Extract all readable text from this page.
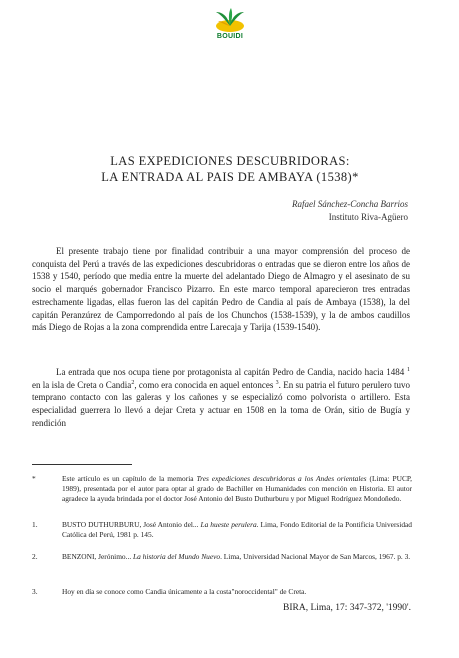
BOUIDI
LAS EXPEDICIONES DESCUBRIDORAS:
LA ENTRADA AL PAIS DE AMBAYA (1538)*
Rafael Sánchez-Concha Barrios
Instituto Riva-Agüero
El presente trabajo tiene por finalidad contribuir a una mayor comprensión del proceso de conquista del Perú a través de las expediciones descubridoras o entradas que se dieron entre los años de 1538 y 1540, período que media entre la muerte del adelantado Diego de Almagro y el asesinato de su socio el marqués gobernador Francisco Pizarro. En este marco temporal aparecieron tres entradas estrechamente ligadas, ellas fueron las del capitán Pedro de Candia al país de Ambaya (1538), la del capitán Peranzúrez de Camporredondo al país de los Chunchos (1538-1539), y la de ambos caudillos más Diego de Rojas a la zona comprendida entre Larecaja y Tarija (1539-1540).
La entrada que nos ocupa tiene por protagonista al capitán Pedro de Candia, nacido hacia 1484 $^1$ en la isla de Creta o Candia$^2$, como era conocida en aquel entonces $^3$. En su patria el futuro perulero tuvo temprano contacto con las galeras y los cañones y se especializó como polvorista o artillero. Esta especialidad guerrera lo llevó a dejar Creta y actuar en 1508 en la toma de Orán, sitio de Bugía y rendición
*	Este artículo es un capítulo de la memoria Tres expediciones descubridoras a los Andes orientales (Lima: PUCP, 1989), presentada por el autor para optar al grado de Bachiller en Humanidades con mención en Historia. El autor agradece la ayuda brindada por el doctor José Antonio del Busto Duthurburu y por Miguel Rodríguez Mondoñedo.
1.	BUSTO DUTHURBURU, José Antonio del... La hueste perulera. Lima, Fondo Editorial de la Pontificia Universidad Católica del Perú, 1981 p. 145.
2.	BENZONI, Jerónimo... La historia del Mundo Nuevo. Lima, Universidad Nacional Mayor de San Marcos, 1967. p. 3.
3.	Hoy en día se conoce como Candia únicamente a la costa"noroccidental" de Creta.
BIRA, Lima, 17: 347-372, '1990'.
